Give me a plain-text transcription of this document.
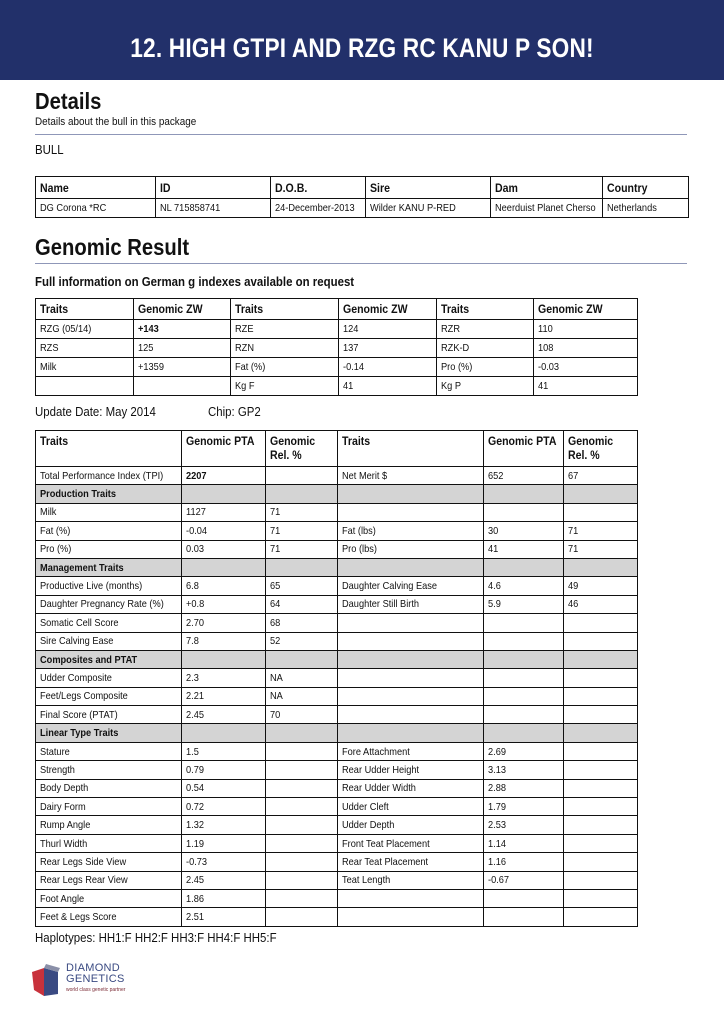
12. HIGH GTPI AND RZG RC KANU P SON!
Details
Details about the bull in this package
BULL
Name	ID	D.O.B.	Sire	Dam	Country
DG Corona *RC	NL 715858741	24-December-2013	Wilder KANU P-RED	Neerduist Planet Cherso	Netherlands
Genomic Result
Full information on German g indexes available on request
Traits	Genomic ZW	Traits	Genomic ZW	Traits	Genomic ZW
RZG (05/14)	+143	RZE	124	RZR	110
RZS	125	RZN	137	RZK-D	108
Milk	+1359	Fat (%)	-0.14	Pro (%)	-0.03
		Kg F	41	Kg P	41
Update Date: May 2014	Chip: GP2
Traits	Genomic PTA	Genomic Rel. %	Traits	Genomic PTA	Genomic Rel. %
Total Performance Index (TPI)	2207		Net Merit $	652	67
Production Traits					
Milk	1127	71			
Fat (%)	-0.04	71	Fat (lbs)	30	71
Pro (%)	0.03	71	Pro (lbs)	41	71
Management Traits					
Productive Live (months)	6.8	65	Daughter Calving Ease	4.6	49
Daughter Pregnancy Rate (%)	+0.8	64	Daughter Still Birth	5.9	46
Somatic Cell Score	2.70	68			
Sire Calving Ease	7.8	52			
Composites and PTAT					
Udder Composite	2.3	NA			
Feet/Legs Composite	2.21	NA			
Final Score (PTAT)	2.45	70			
Linear Type Traits					
Stature	1.5		Fore Attachment	2.69	
Strength	0.79		Rear Udder Height	3.13	
Body Depth	0.54		Rear Udder Width	2.88	
Dairy Form	0.72		Udder Cleft	1.79	
Rump Angle	1.32		Udder Depth	2.53	
Thurl Width	1.19		Front Teat Placement	1.14	
Rear Legs Side View	-0.73		Rear Teat Placement	1.16	
Rear Legs Rear View	2.45		Teat Length	-0.67	
Foot Angle	1.86				
Feet & Legs Score	2.51				
Haplotypes: HH1:F HH2:F HH3:F HH4:F HH5:F
DIAMOND
GENETICS
world class genetic partner
